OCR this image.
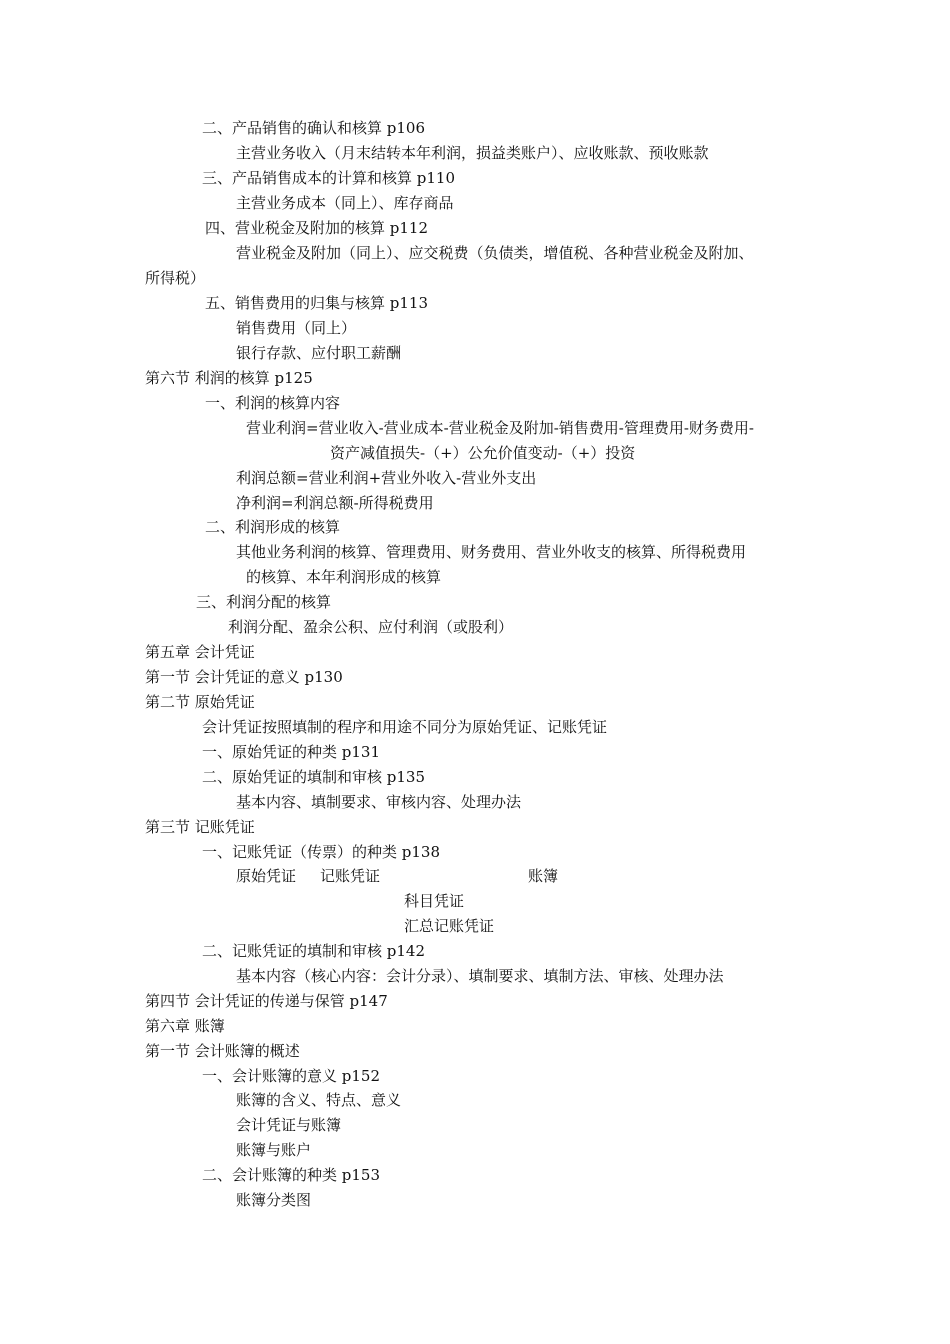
二、产品销售的确认和核算 p106
主营业务收入（月末结转本年利润，损益类账户）、应收账款、预收账款
三、产品销售成本的计算和核算 p110
主营业务成本（同上）、库存商品
四、营业税金及附加的核算 p112
营业税金及附加（同上）、应交税费（负债类，增值税、各种营业税金及附加、
所得税）
五、销售费用的归集与核算 p113
销售费用（同上）
银行存款、应付职工薪酬
第六节 利润的核算 p125
一、利润的核算内容
营业利润=营业收入-营业成本-营业税金及附加-销售费用-管理费用-财务费用-
资产减值损失-（+）公允价值变动-（+）投资
利润总额=营业利润+营业外收入-营业外支出
净利润=利润总额-所得税费用
二、利润形成的核算
其他业务利润的核算、管理费用、财务费用、营业外收支的核算、所得税费用
的核算、本年利润形成的核算
三、利润分配的核算
利润分配、盈余公积、应付利润（或股利）
第五章 会计凭证
第一节 会计凭证的意义 p130
第二节 原始凭证
会计凭证按照填制的程序和用途不同分为原始凭证、记账凭证
一、原始凭证的种类 p131
二、原始凭证的填制和审核 p135
基本内容、填制要求、审核内容、处理办法
第三节 记账凭证
一、记账凭证（传票）的种类 p138
原始凭证 记账凭证	账簿
科目凭证
汇总记账凭证
二、记账凭证的填制和审核 p142
基本内容（核心内容：会计分录）、填制要求、填制方法、审核、处理办法
第四节 会计凭证的传递与保管 p147
第六章 账簿
第一节 会计账簿的概述
一、会计账簿的意义 p152
账簿的含义、特点、意义
会计凭证与账簿
账簿与账户
二、会计账簿的种类 p153
账簿分类图
